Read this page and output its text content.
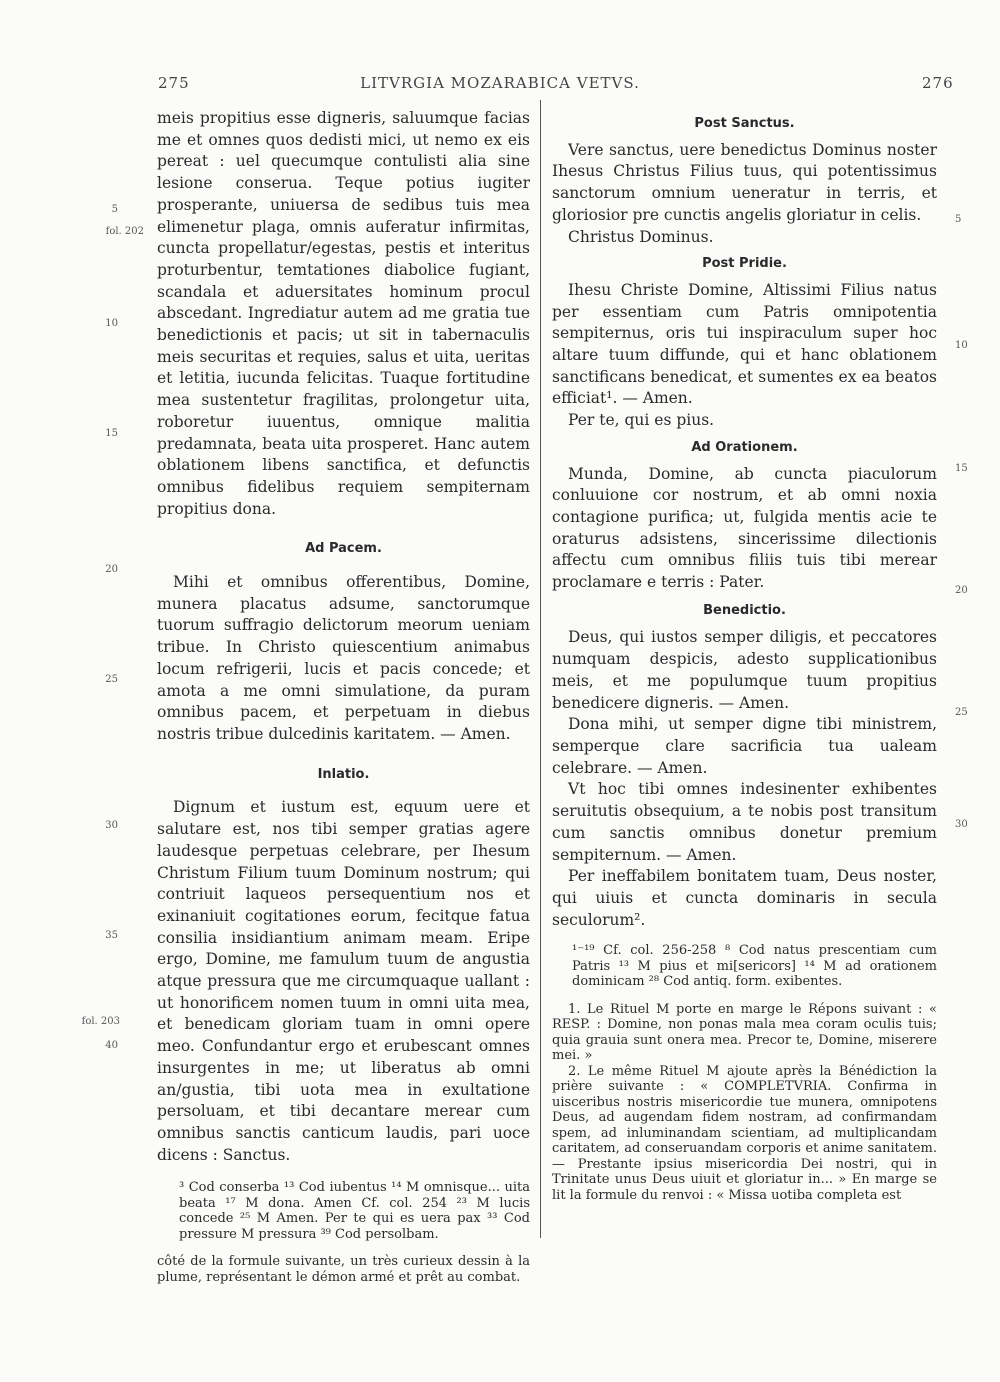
275	LITVRGIA MOZARABICA VETVS.	276
5
fol. 202
10
15
20
25
30
35
fol. 203
40
5
10
15
20
25
30

meis propitius esse digneris, saluumque facias me et omnes quos dedisti mici, ut nemo ex eis pereat : uel quecumque contulisti alia sine lesione conserua. Teque potius iugiter prosperante, uniuersa de sedibus tuis mea elimenetur plaga, omnis auferatur infirmitas, cuncta propellatur/egestas, pestis et interitus proturbentur, temtationes diabolice fugiant, scandala et aduersitates hominum procul abscedant. Ingrediatur autem ad me gratia tue benedictionis et pacis; ut sit in tabernaculis meis securitas et requies, salus et uita, ueritas et letitia, iucunda felicitas. Tuaque fortitudine mea sustentetur fragilitas, prolongetur uita, roboretur iuuentus, omnique malitia predamnata, beata uita prosperet. Hanc autem oblationem libens sanctifica, et defunctis omnibus fidelibus requiem sempiternam propitius dona.

Ad Pacem.

Mihi et omnibus offerentibus, Domine, munera placatus adsume, sanctorumque tuorum suffragio delictorum meorum ueniam tribue. In Christo quiescentium animabus locum refrigerii, lucis et pacis concede; et amota a me omni simulatione, da puram omnibus pacem, et perpetuam in diebus nostris tribue dulcedinis karitatem. — Amen.

Inlatio.

Dignum et iustum est, equum uere et salutare est, nos tibi semper gratias agere laudesque perpetuas celebrare, per Ihesum Christum Filium tuum Dominum nostrum; qui contriuit laqueos persequentium nos et exinaniuit cogitationes eorum, fecitque fatua consilia insidiantium animam meam. Eripe ergo, Domine, me famulum tuum de angustia atque pressura que me circumquaque uallant : ut honorificem nomen tuum in omni uita mea, et benedicam gloriam tuam in omni opere meo. Confundantur ergo et erubescant omnes insurgentes in me; ut liberatus ab omni an/gustia, tibi uota mea in exultatione persoluam, et tibi decantare merear cum omnibus sanctis canticum laudis, pari uoce dicens : Sanctus.

³ Cod conserba ¹³ Cod iubentus ¹⁴ M omnisque... uita beata ¹⁷ M dona. Amen Cf. col. 254 ²³ M lucis concede ²⁵ M Amen. Per te qui es uera pax ³³ Cod pressure M pressura ³⁹ Cod persolbam.

côté de la formule suivante, un très curieux dessin à la plume, représentant le démon armé et prêt au combat.

Post Sanctus.

Vere sanctus, uere benedictus Dominus noster Ihesus Christus Filius tuus, qui potentissimus sanctorum omnium ueneratur in terris, et gloriosior pre cunctis angelis gloriatur in celis.

Christus Dominus.

Post Pridie.

Ihesu Christe Domine, Altissimi Filius natus per essentiam cum Patris omnipotentia sempiternus, oris tui inspiraculum super hoc altare tuum diffunde, qui et hanc oblationem sanctificans benedicat, et sumentes ex ea beatos efficiat¹. — Amen.

Per te, qui es pius.

Ad Orationem.

Munda, Domine, ab cuncta piaculorum conluuione cor nostrum, et ab omni noxia contagione purifica; ut, fulgida mentis acie te oraturus adsistens, sincerissime dilectionis affectu cum omnibus filiis tuis tibi merear proclamare e terris : Pater.

Benedictio.

Deus, qui iustos semper diligis, et peccatores numquam despicis, adesto supplicationibus meis, et me populumque tuum propitius benedicere digneris. — Amen.

Dona mihi, ut semper digne tibi ministrem, semperque clare sacrificia tua ualeam celebrare. — Amen.

Vt hoc tibi omnes indesinenter exhibentes seruitutis obsequium, a te nobis post transitum cum sanctis omnibus donetur premium sempiternum. — Amen.

Per ineffabilem bonitatem tuam, Deus noster, qui uiuis et cuncta dominaris in secula seculorum².

¹⁻¹⁹ Cf. col. 256-258 ⁸ Cod natus prescentiam cum Patris ¹³ M pius et mi[sericors] ¹⁴ M ad orationem dominicam ²⁸ Cod antiq. form. exibentes.

1. Le Rituel M porte en marge le Répons suivant : « RESP. : Domine, non ponas mala mea coram oculis tuis; quia grauia sunt onera mea. Precor te, Domine, miserere mei. »

2. Le même Rituel M ajoute après la Bénédiction la prière suivante : « COMPLETVRIA. Confirma in uisceribus nostris misericordie tue munera, omnipotens Deus, ad augendam fidem nostram, ad confirmandam spem, ad inluminandam scientiam, ad multiplicandam caritatem, ad conseruandam corporis et anime sanitatem. — Prestante ipsius misericordia Dei nostri, qui in Trinitate unus Deus uiuit et gloriatur in... » En marge se lit la formule du renvoi : « Missa uotiba completa est
